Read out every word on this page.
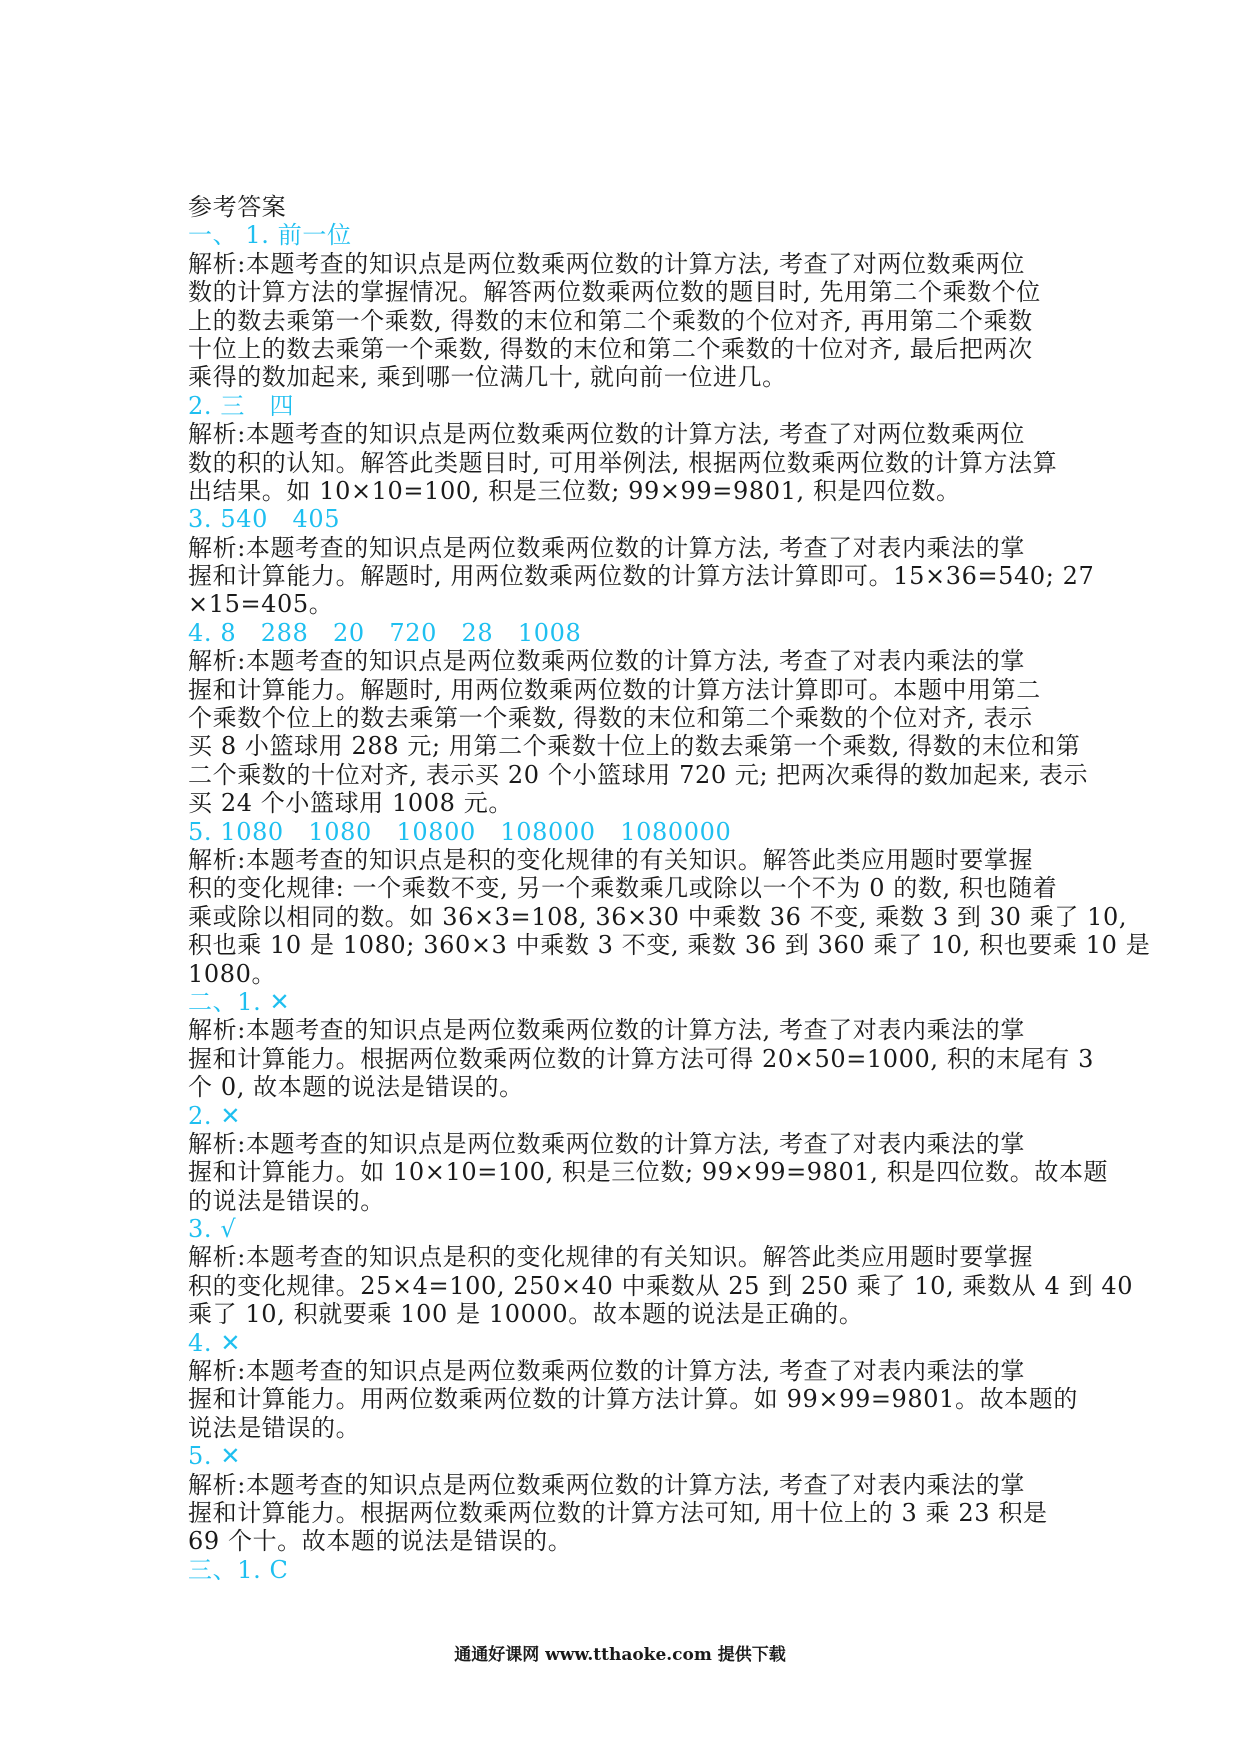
参考答案
一、 1. 前一位
解析:本题考查的知识点是两位数乘两位数的计算方法, 考查了对两位数乘两位
数的计算方法的掌握情况。解答两位数乘两位数的题目时, 先用第二个乘数个位
上的数去乘第一个乘数, 得数的末位和第二个乘数的个位对齐, 再用第二个乘数
十位上的数去乘第一个乘数, 得数的末位和第二个乘数的十位对齐, 最后把两次
乘得的数加起来, 乘到哪一位满几十, 就向前一位进几。
2. 三　四
解析:本题考查的知识点是两位数乘两位数的计算方法, 考查了对两位数乘两位
数的积的认知。解答此类题目时, 可用举例法, 根据两位数乘两位数的计算方法算
出结果。如 10×10=100, 积是三位数; 99×99=9801, 积是四位数。
3. 540　405
解析:本题考查的知识点是两位数乘两位数的计算方法, 考查了对表内乘法的掌
握和计算能力。解题时, 用两位数乘两位数的计算方法计算即可。15×36=540; 27
×15=405。
4. 8　288　20　720　28　1008
解析:本题考查的知识点是两位数乘两位数的计算方法, 考查了对表内乘法的掌
握和计算能力。解题时, 用两位数乘两位数的计算方法计算即可。本题中用第二
个乘数个位上的数去乘第一个乘数, 得数的末位和第二个乘数的个位对齐, 表示
买 8 小篮球用 288 元; 用第二个乘数十位上的数去乘第一个乘数, 得数的末位和第
二个乘数的十位对齐, 表示买 20 个小篮球用 720 元; 把两次乘得的数加起来, 表示
买 24 个小篮球用 1008 元。
5. 1080　1080　10800　108000　1080000
解析:本题考查的知识点是积的变化规律的有关知识。解答此类应用题时要掌握
积的变化规律: 一个乘数不变, 另一个乘数乘几或除以一个不为 0 的数, 积也随着
乘或除以相同的数。如 36×3=108, 36×30 中乘数 36 不变, 乘数 3 到 30 乘了 10,
积也乘 10 是 1080; 360×3 中乘数 3 不变, 乘数 36 到 360 乘了 10, 积也要乘 10 是
1080。
二、1. ✕
解析:本题考查的知识点是两位数乘两位数的计算方法, 考查了对表内乘法的掌
握和计算能力。根据两位数乘两位数的计算方法可得 20×50=1000, 积的末尾有 3
个 0, 故本题的说法是错误的。
2. ✕
解析:本题考查的知识点是两位数乘两位数的计算方法, 考查了对表内乘法的掌
握和计算能力。如 10×10=100, 积是三位数; 99×99=9801, 积是四位数。故本题
的说法是错误的。
3. √
解析:本题考查的知识点是积的变化规律的有关知识。解答此类应用题时要掌握
积的变化规律。25×4=100, 250×40 中乘数从 25 到 250 乘了 10, 乘数从 4 到 40
乘了 10, 积就要乘 100 是 10000。故本题的说法是正确的。
4. ✕
解析:本题考查的知识点是两位数乘两位数的计算方法, 考查了对表内乘法的掌
握和计算能力。用两位数乘两位数的计算方法计算。如 99×99=9801。故本题的
说法是错误的。
5. ✕
解析:本题考查的知识点是两位数乘两位数的计算方法, 考查了对表内乘法的掌
握和计算能力。根据两位数乘两位数的计算方法可知, 用十位上的 3 乘 23 积是
69 个十。故本题的说法是错误的。
三、1. C
通通好课网 www.tthaoke.com 提供下载
